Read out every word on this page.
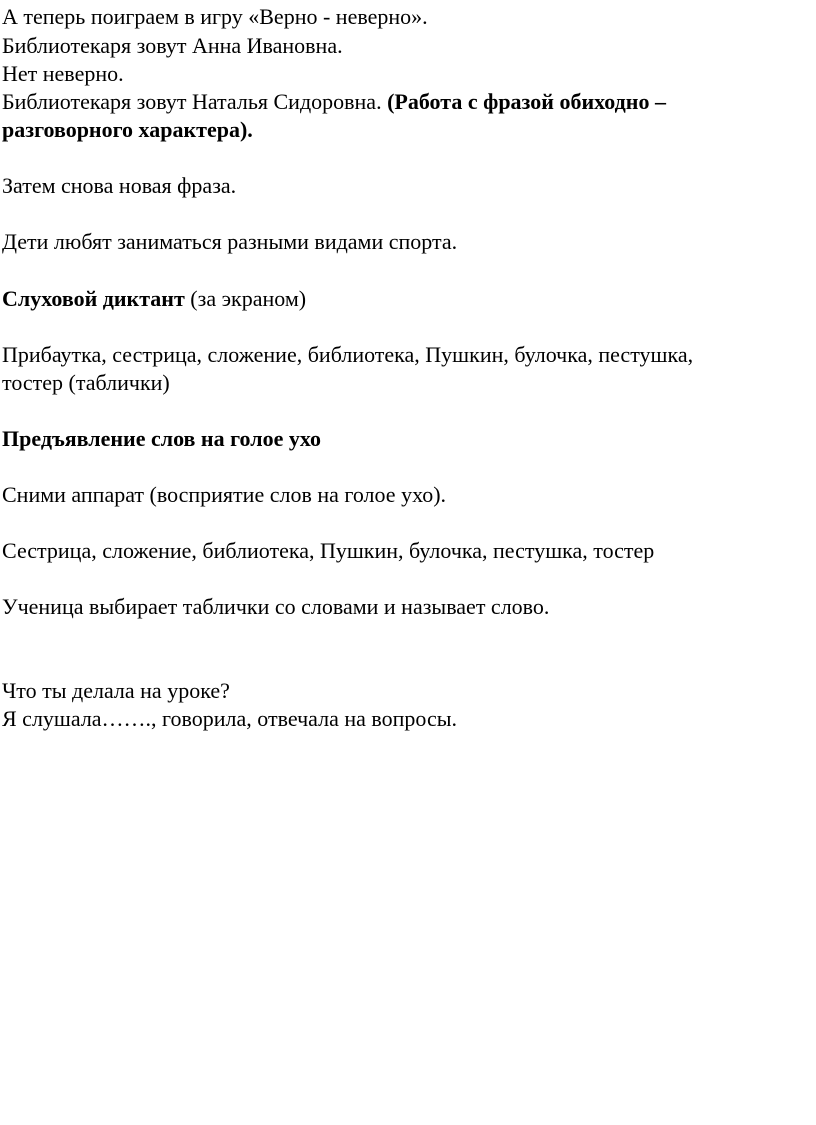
А теперь поиграем в игру «Верно - неверно».

Библиотекаря зовут Анна Ивановна.

Нет неверно.

Библиотекаря зовут Наталья Сидоровна. (Работа с фразой обиходно –

разговорного характера).

Затем снова новая фраза.

Дети любят заниматься разными видами спорта.

Слуховой диктант (за экраном)

Прибаутка, сестрица, сложение, библиотека, Пушкин, булочка, пестушка,

тостер (таблички)

Предъявление слов на голое ухо

Сними аппарат (восприятие слов на голое ухо).

Сестрица, сложение, библиотека, Пушкин, булочка, пестушка, тостер

Ученица выбирает таблички со словами и называет слово.

Что ты делала на уроке?

Я слушала……., говорила, отвечала на вопросы.
